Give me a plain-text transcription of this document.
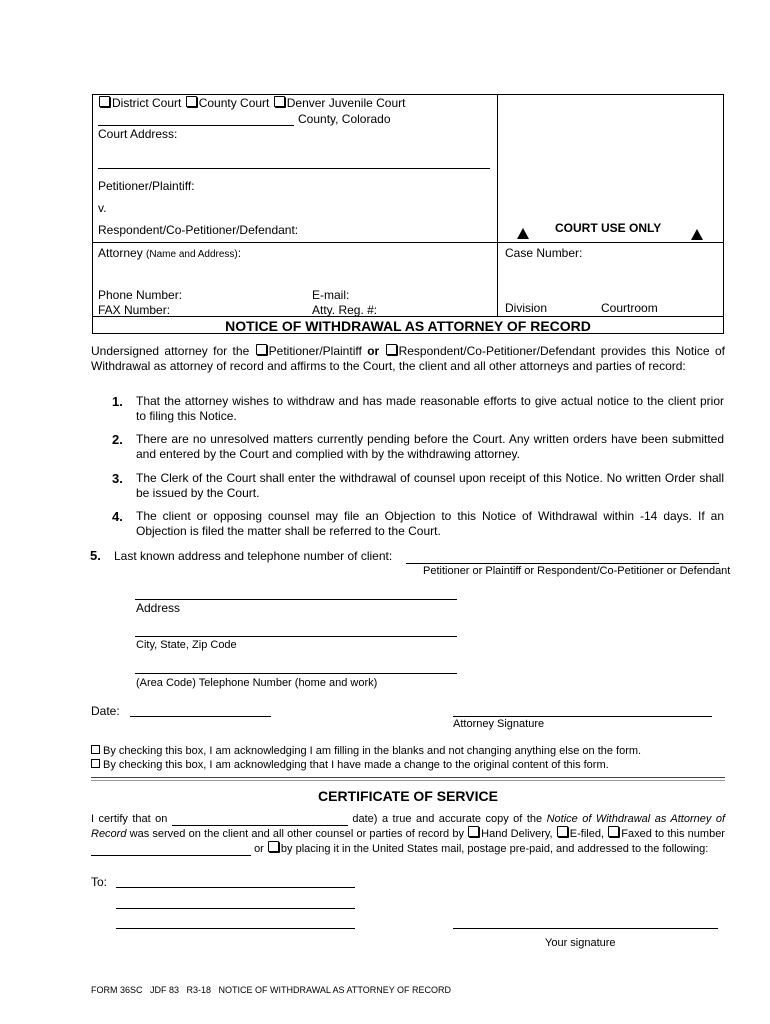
District Court County Court Denver Juvenile Court
County, Colorado
Court Address:
Petitioner/Plaintiff:
v.
Respondent/Co-Petitioner/Defendant:	COURT USE ONLY
Attorney (Name and Address):	Case Number:
Phone Number:	E-mail:
FAX Number:	Atty. Reg. #:	Division	Courtroom
NOTICE OF WITHDRAWAL AS ATTORNEY OF RECORD
Undersigned attorney for the Petitioner/Plaintiff or Respondent/Co-Petitioner/Defendant provides this Notice of Withdrawal as attorney of record and affirms to the Court, the client and all other attorneys and parties of record:
1. That the attorney wishes to withdraw and has made reasonable efforts to give actual notice to the client prior to filing this Notice.
2. There are no unresolved matters currently pending before the Court. Any written orders have been submitted and entered by the Court and complied with by the withdrawing attorney.
3. The Clerk of the Court shall enter the withdrawal of counsel upon receipt of this Notice. No written Order shall be issued by the Court.
4. The client or opposing counsel may file an Objection to this Notice of Withdrawal within -14 days. If an Objection is filed the matter shall be referred to the Court.
5. Last known address and telephone number of client:
Petitioner or Plaintiff or Respondent/Co-Petitioner or Defendant
Address
City, State, Zip Code
(Area Code) Telephone Number (home and work)
Date:
Attorney Signature
By checking this box, I am acknowledging I am filling in the blanks and not changing anything else on the form.
By checking this box, I am acknowledging that I have made a change to the original content of this form.
CERTIFICATE OF SERVICE
I certify that on	date) a true and accurate copy of the Notice of Withdrawal as Attorney of Record was served on the client and all other counsel or parties of record by Hand Delivery, E-filed, Faxed to this number   or by placing it in the United States mail, postage pre-paid, and addressed to the following:
To:
Your signature
FORM 36SC   JDF 83   R3-18   NOTICE OF WITHDRAWAL AS ATTORNEY OF RECORD
